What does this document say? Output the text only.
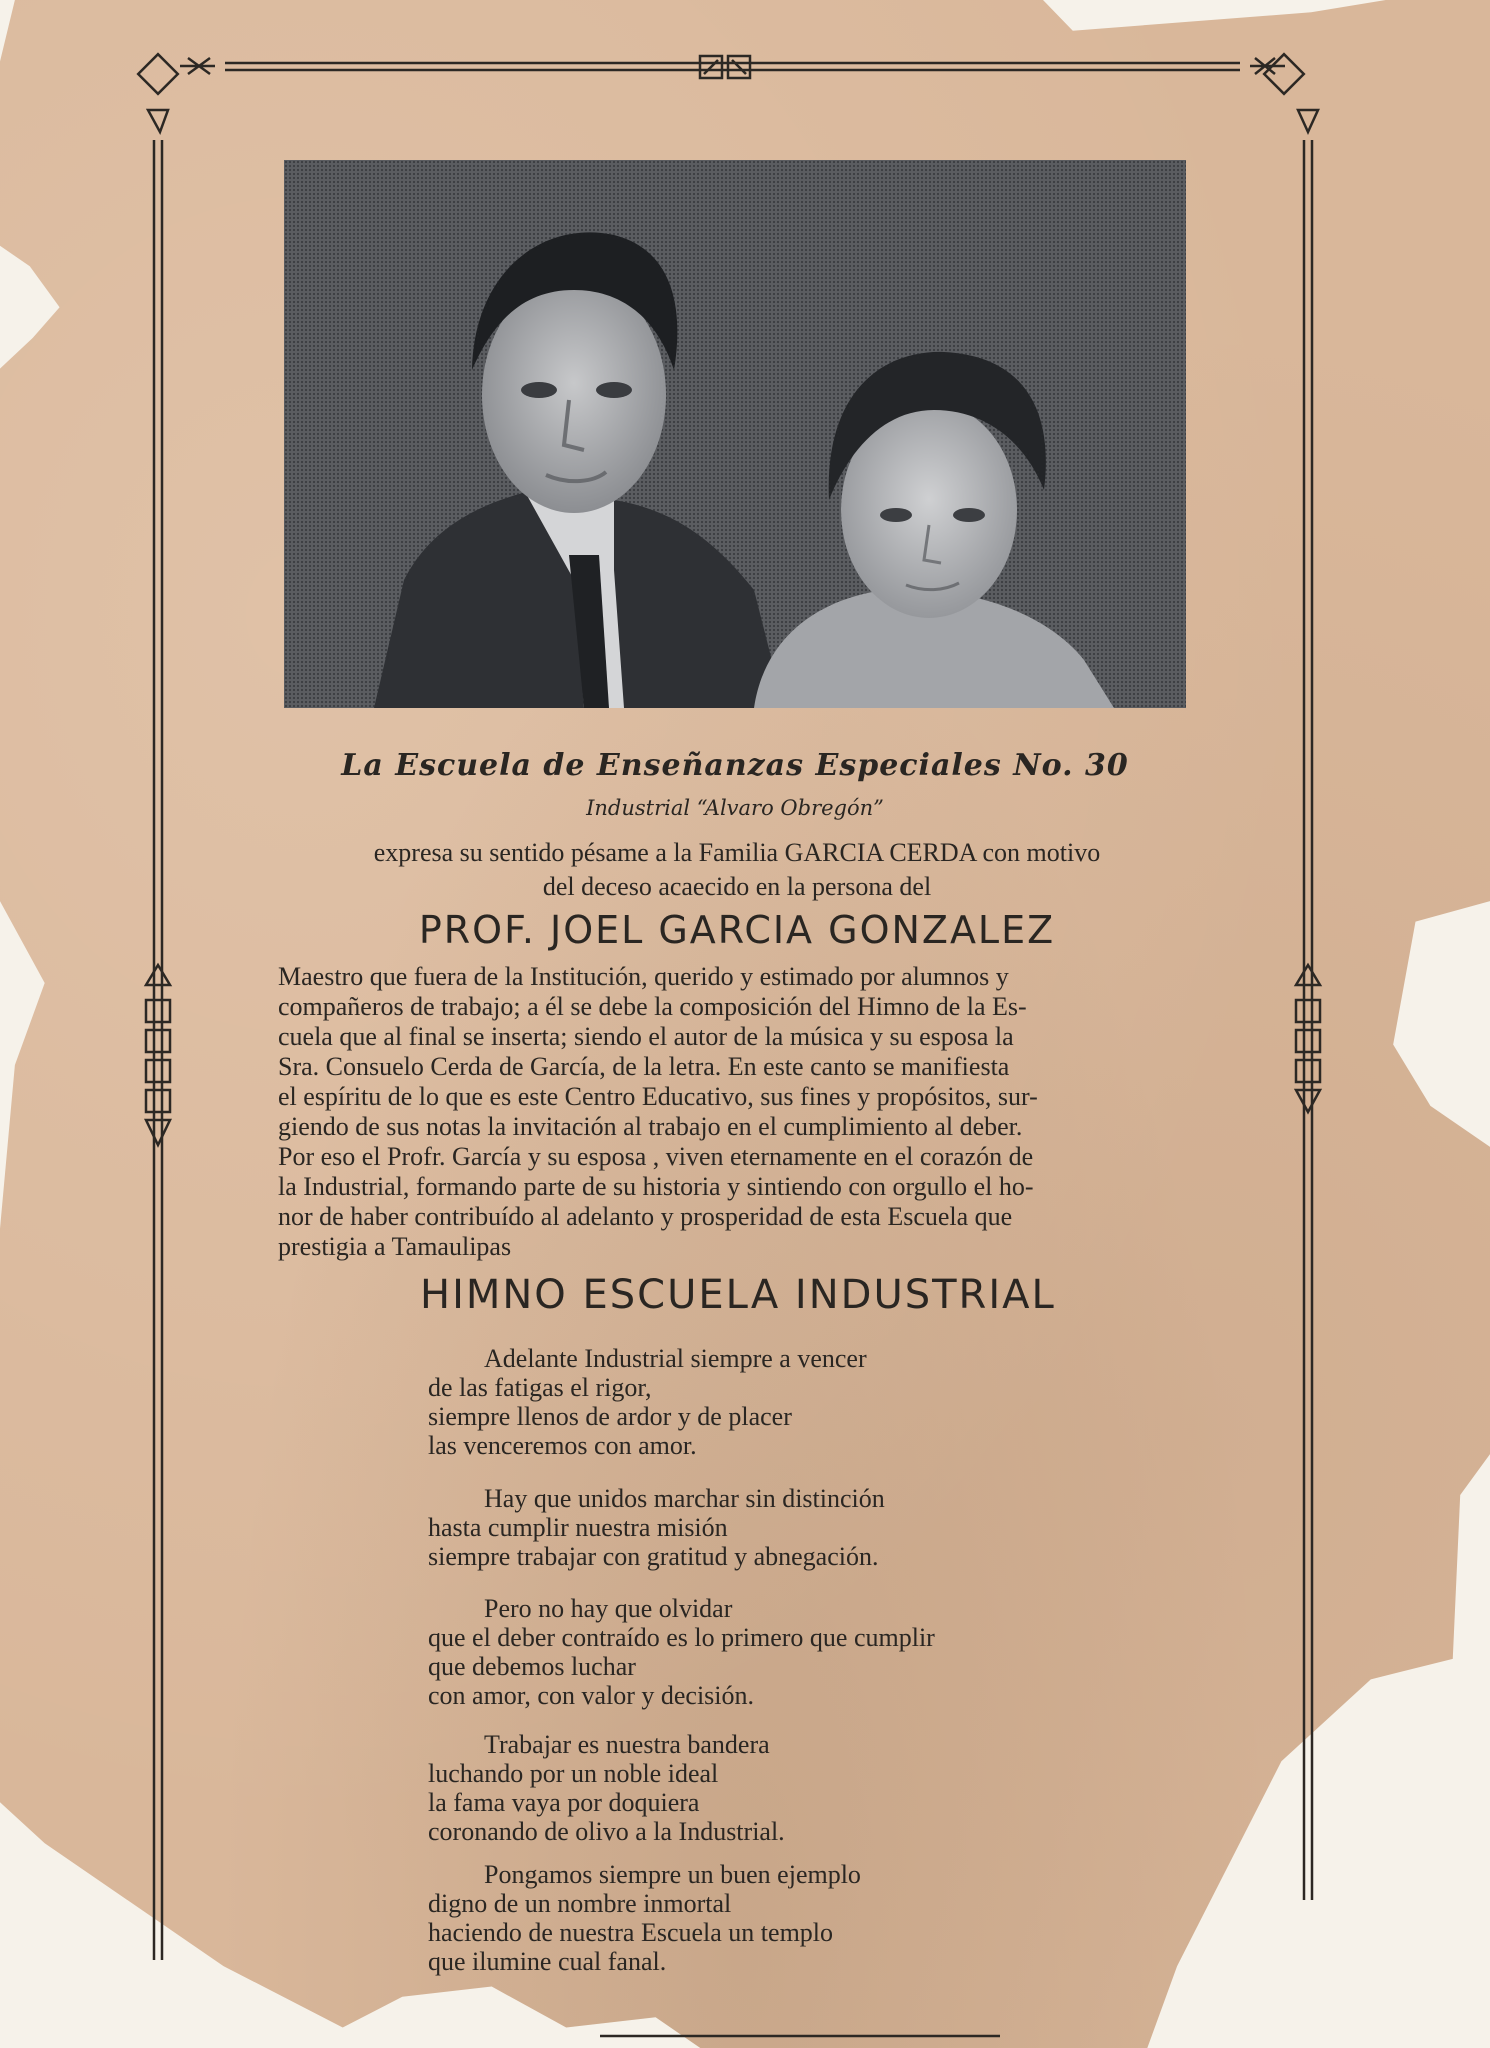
La Escuela de Enseñanzas Especiales No. 30
Industrial “Alvaro Obregón”
expresa su sentido pésame a la Familia GARCIA CERDA con motivo
del deceso acaecido en la persona del
PROF. JOEL GARCIA GONZALEZ
Maestro que fuera de la Institución, querido y estimado por alumnos y
compañeros de trabajo; a él se debe la composición del Himno de la Es-
cuela que al final se inserta; siendo el autor de la música y su esposa la
Sra. Consuelo Cerda de García, de la letra. En este canto se manifiesta
el espíritu de lo que es este Centro Educativo, sus fines y propósitos, sur-
giendo de sus notas la invitación al trabajo en el cumplimiento al deber.
Por eso el Profr. García y su esposa , viven eternamente en el corazón de
la Industrial, formando parte de su historia y sintiendo con orgullo el ho-
nor de haber contribuído al adelanto y prosperidad de esta Escuela que
prestigia a Tamaulipas
HIMNO ESCUELA INDUSTRIAL
Adelante Industrial siempre a vencer
de las fatigas el rigor,
siempre llenos de ardor y de placer
las venceremos con amor.
Hay que unidos marchar sin distinción
hasta cumplir nuestra misión
siempre trabajar con gratitud y abnegación.
Pero no hay que olvidar
que el deber contraído es lo primero que cumplir
que debemos luchar
con amor, con valor y decisión.
Trabajar es nuestra bandera
luchando por un noble ideal
la fama vaya por doquiera
coronando de olivo a la Industrial.
Pongamos siempre un buen ejemplo
digno de un nombre inmortal
haciendo de nuestra Escuela un templo
que ilumine cual fanal.
